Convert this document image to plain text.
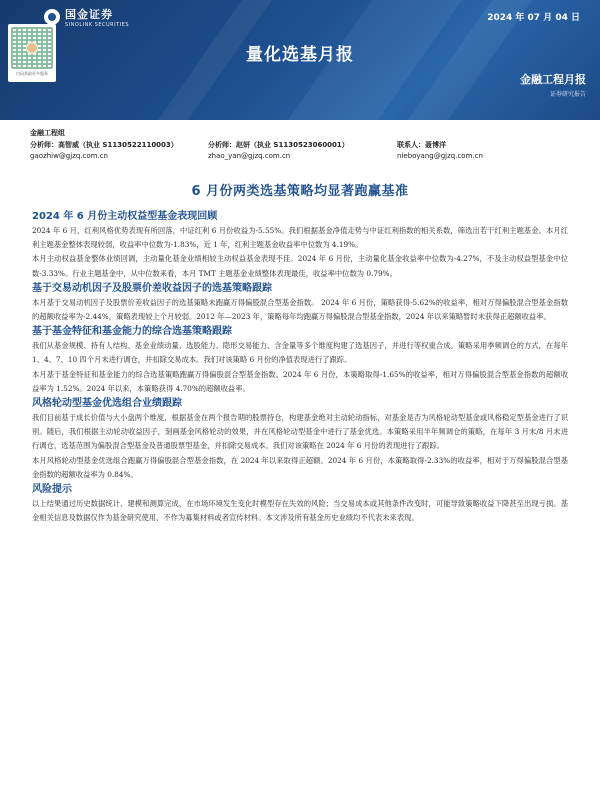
国金证券
SINOLINK SECURITIES
2024 年 07 月 04 日
扫码获取更多服务
量化选基月报
金融工程月报
证券研究报告
金融工程组
分析师：高智威（执业 S1130522110003）	分析师：赵妍（执业 S1130523060001）	联系人：聂博洋
gaozhiw@gjzq.com.cn	zhao_yan@gjzq.com.cn	nieboyang@gjzq.com.cn
6 月份两类选基策略均显著跑赢基准
2024 年 6 月份主动权益型基金表现回顾

2024 年 6 月，红利风格优势表现有所回落，中证红利 6 月份收益为-5.55%。我们根据基金净值走势与中证红利指数的相关系数，筛选出若干红利主题基金。本月红利主题基金整体表现较弱，收益率中位数为-1.83%，近 1 年，红利主题基金收益率中位数为 4.19%。

本月主动权益基金整体业绩回调，主动量化基金业绩相较主动权益基金表现不佳。2024 年 6 月份，主动量化基金收益率中位数为-4.27%，不及主动权益型基金中位数-3.33%。行业主题基金中，从中位数来看，本月 TMT 主题基金业绩整体表现最佳，收益率中位数为 0.79%。

基于交易动机因子及股票价差收益因子的选基策略跟踪

本月基于交易动机因子及股票价差收益因子的选基策略未跑赢万得偏股混合型基金指数。 2024 年 6 月份，策略获得-5.62%的收益率，相对万得偏股混合型基金指数的超额收益率为-2.44%，策略表现较上个月较弱。2012 年—2023 年，策略每年均跑赢万得偏股混合型基金指数，2024 年以来策略暂时未获得正超额收益率。

基于基金特征和基金能力的综合选基策略跟踪

我们从基金规模、持有人结构、基金业绩动量、选股能力、隐形交易能力、含金量等多个维度构建了选基因子，并进行等权重合成。策略采用季频调仓的方式，在每年 1、4、7、10 四个月末进行调仓，并扣除交易成本。我们对该策略 6 月份的净值表现进行了跟踪。

本月基于基金特征和基金能力的综合选基策略跑赢万得偏股混合型基金指数。2024 年 6 月份，本策略取得-1.65%的收益率，相对万得偏股混合型基金指数的超额收益率为 1.52%。2024 年以来，本策略获得 4.70%的超额收益率。

风格轮动型基金优选组合业绩跟踪

我们目前基于成长价值与大小盘两个维度，根据基金在两个报告期的股票持仓，构建基金绝对主动轮动指标，对基金是否为风格轮动型基金或风格稳定型基金进行了识别。随后，我们根据主动轮动收益因子，刻画基金风格轮动的效果，并在风格轮动型基金中进行了基金优选。本策略采用半年频调仓的策略，在每年 3 月末/8 月末进行调仓，选基范围为偏股混合型基金及普通股票型基金，并扣除交易成本。我们对该策略在 2024 年 6 月份的表现进行了跟踪。

本月风格轮动型基金优选组合跑赢万得偏股混合型基金指数，在 2024 年以来取得正超额。2024 年 6 月份，本策略取得-2.33%的收益率，相对于万得偏股混合型基金指数的超额收益率为 0.84%。

风险提示

以上结果通过历史数据统计、建模和测算完成，在市场环境发生变化时模型存在失效的风险；当交易成本或其他条件改变时，可能导致策略收益下降甚至出现亏损。基金相关信息及数据仅作为基金研究使用，不作为募集材料或者宣传材料。本文涉及所有基金历史业绩均不代表未来表现。
